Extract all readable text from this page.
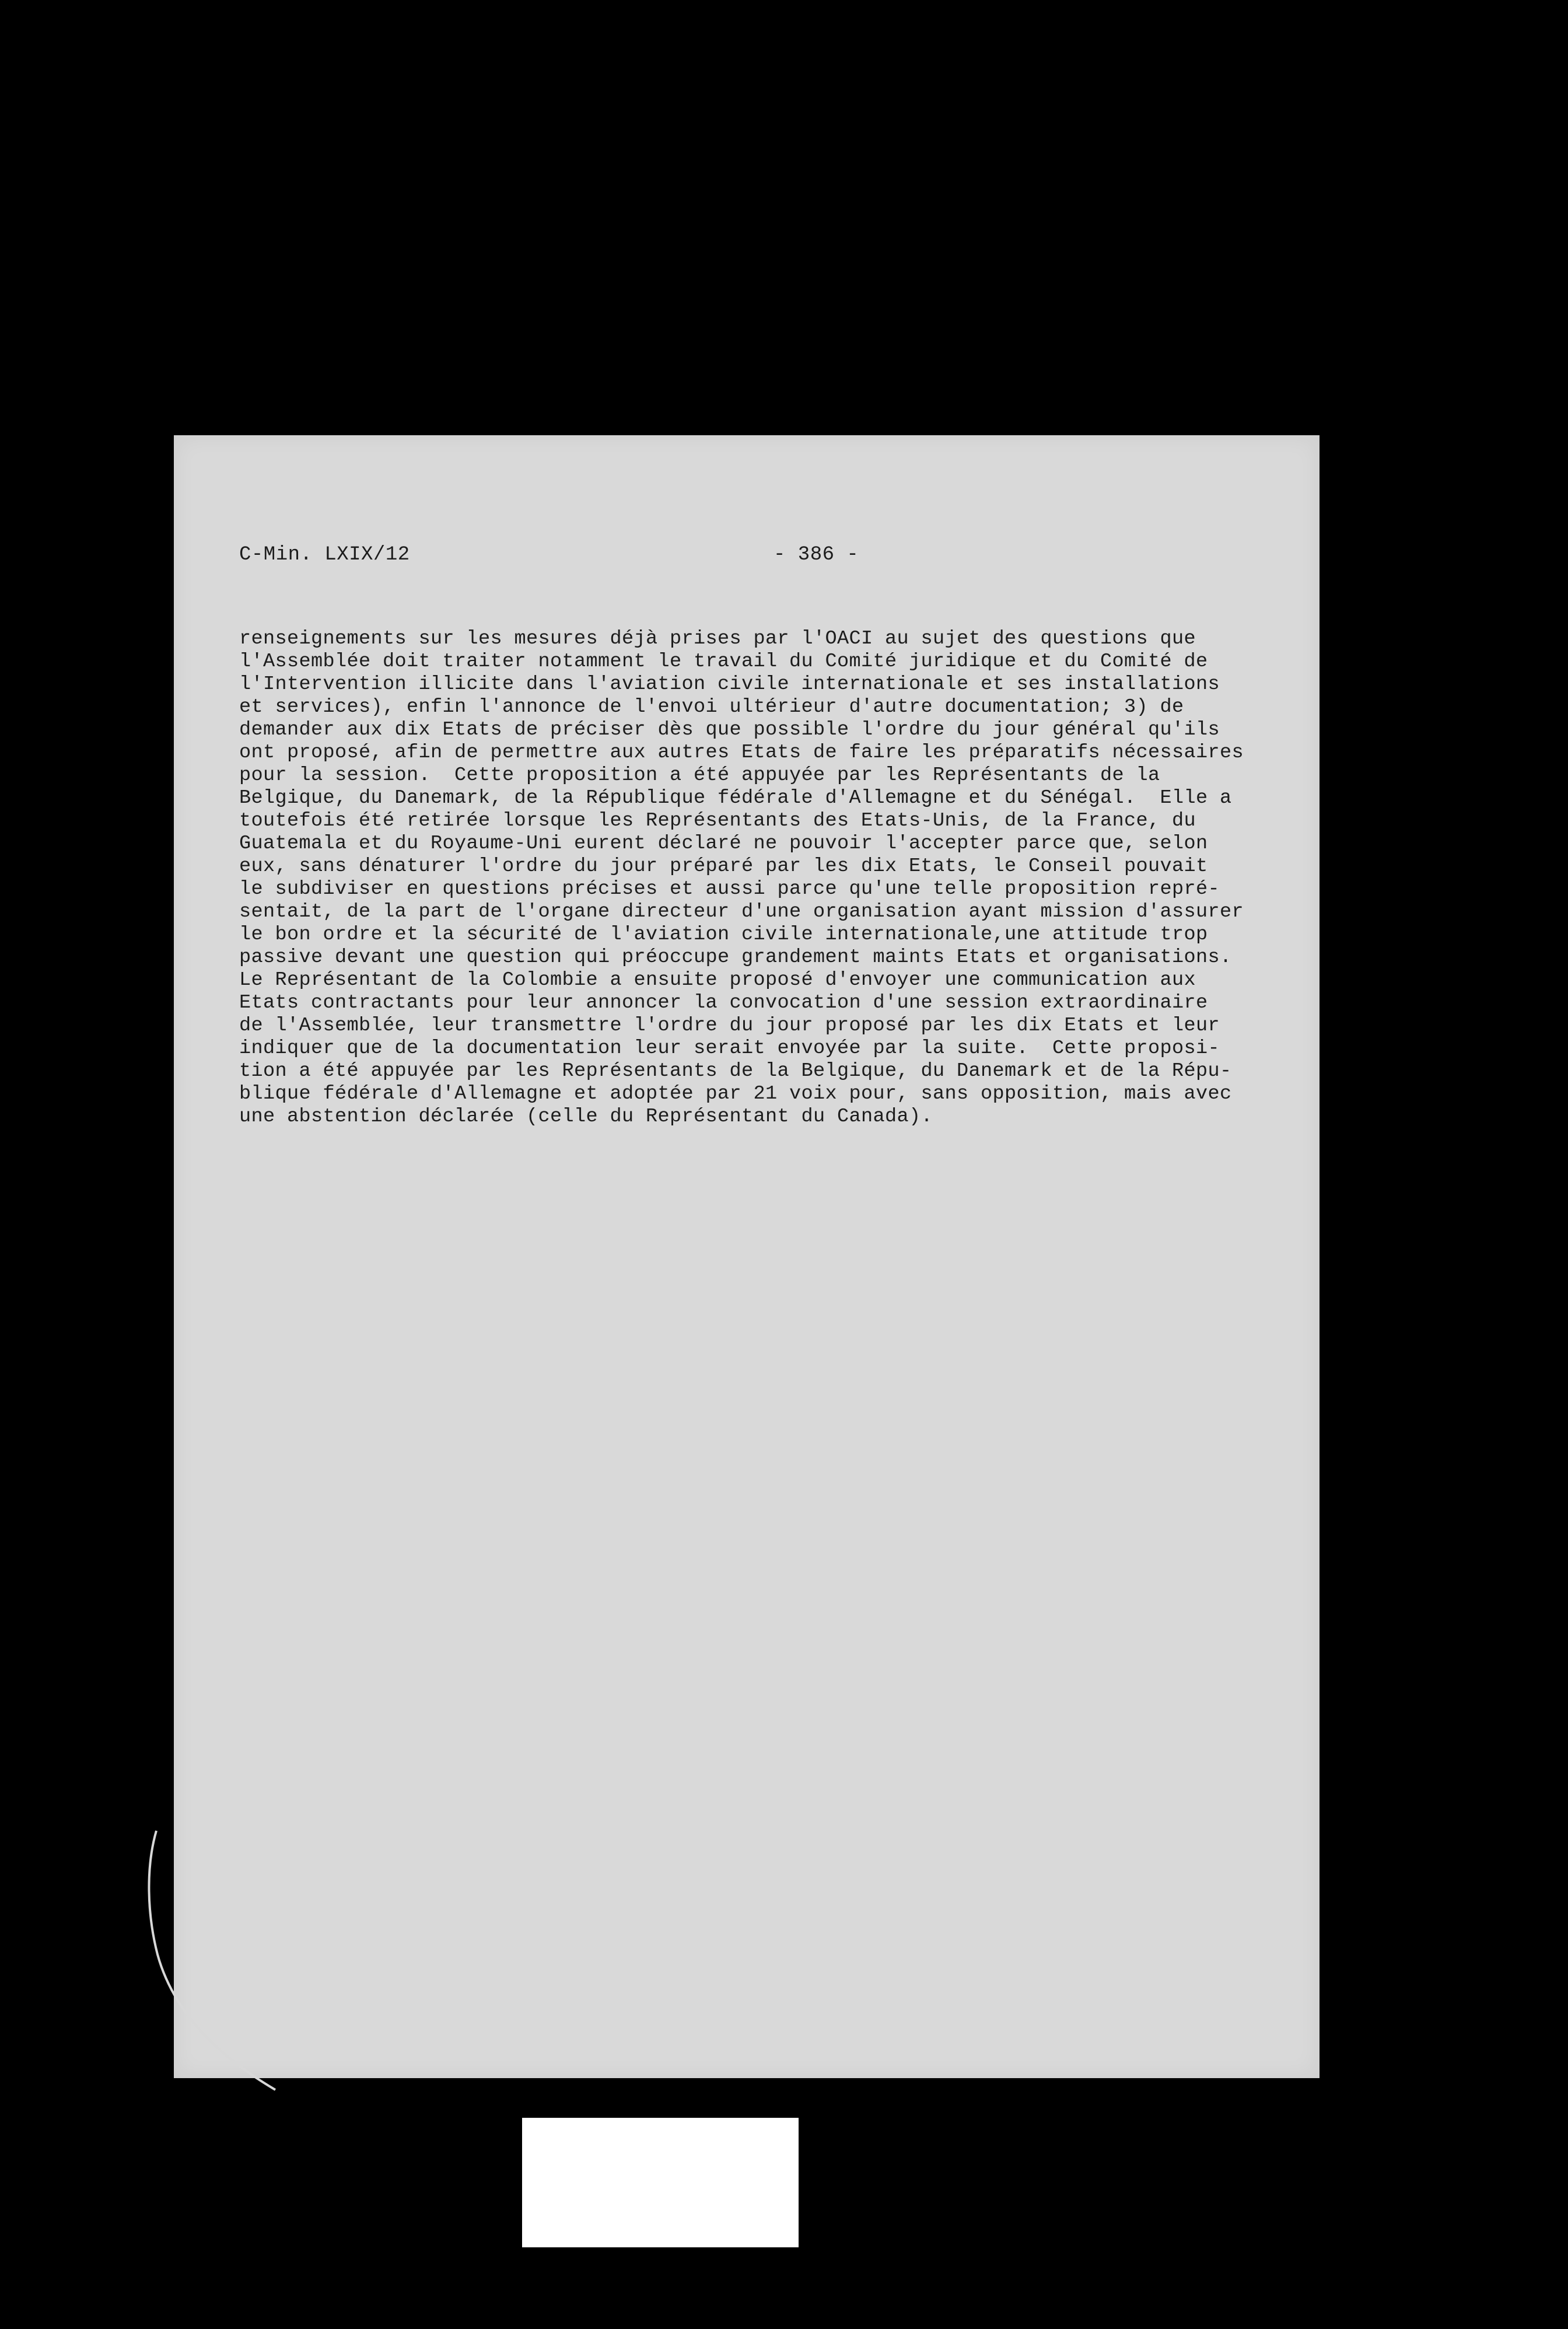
C-Min. LXIX/12	- 386 -
renseignements sur les mesures déjà prises par l'OACI au sujet des questions que
l'Assemblée doit traiter notamment le travail du Comité juridique et du Comité de
l'Intervention illicite dans l'aviation civile internationale et ses installations
et services), enfin l'annonce de l'envoi ultérieur d'autre documentation; 3) de
demander aux dix Etats de préciser dès que possible l'ordre du jour général qu'ils
ont proposé, afin de permettre aux autres Etats de faire les préparatifs nécessaires
pour la session.  Cette proposition a été appuyée par les Représentants de la
Belgique, du Danemark, de la République fédérale d'Allemagne et du Sénégal.  Elle a
toutefois été retirée lorsque les Représentants des Etats-Unis, de la France, du
Guatemala et du Royaume-Uni eurent déclaré ne pouvoir l'accepter parce que, selon
eux, sans dénaturer l'ordre du jour préparé par les dix Etats, le Conseil pouvait
le subdiviser en questions précises et aussi parce qu'une telle proposition repré-
sentait, de la part de l'organe directeur d'une organisation ayant mission d'assurer
le bon ordre et la sécurité de l'aviation civile internationale,une attitude trop
passive devant une question qui préoccupe grandement maints Etats et organisations.
Le Représentant de la Colombie a ensuite proposé d'envoyer une communication aux
Etats contractants pour leur annoncer la convocation d'une session extraordinaire
de l'Assemblée, leur transmettre l'ordre du jour proposé par les dix Etats et leur
indiquer que de la documentation leur serait envoyée par la suite.  Cette proposi-
tion a été appuyée par les Représentants de la Belgique, du Danemark et de la Répu-
blique fédérale d'Allemagne et adoptée par 21 voix pour, sans opposition, mais avec
une abstention déclarée (celle du Représentant du Canada).
